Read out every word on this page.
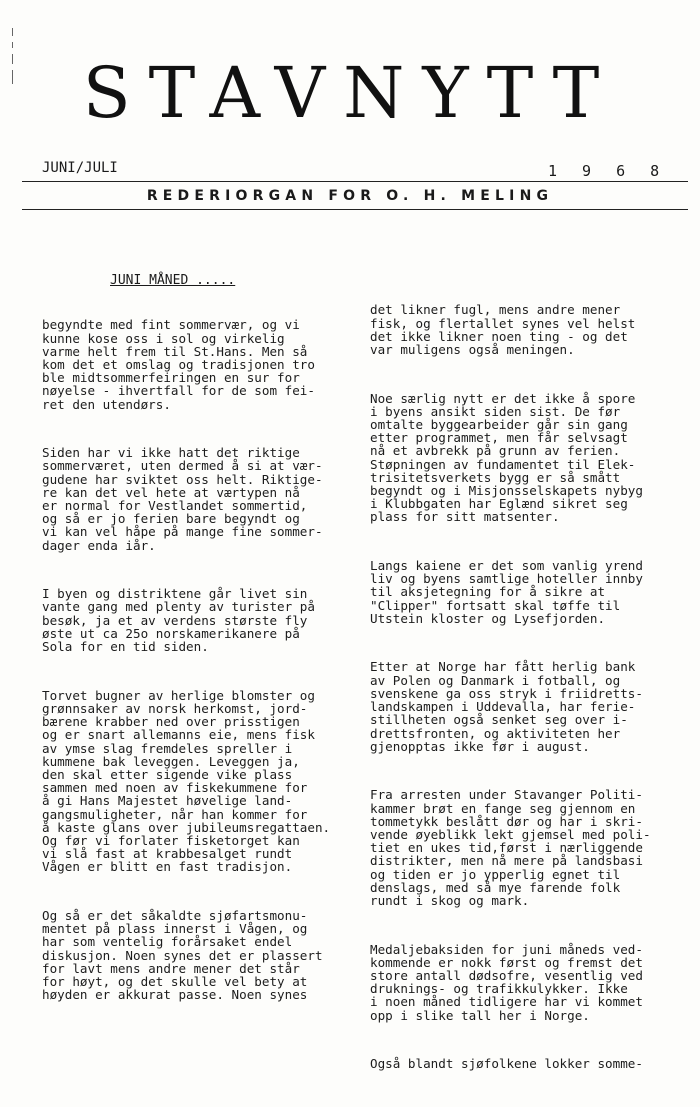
STAVNYTT
JUNI/JULI	1 9 6 8
REDERIORGAN FOR O. H. MELING
JUNI MÅNED .....

begyndte med fint sommervær, og vi
kunne kose oss i sol og virkelig
varme helt frem til St.Hans. Men så
kom det et omslag og tradisjonen tro
ble midtsommerfeiringen en sur for
nøyelse - ihvertfall for de som fei-
ret den utendørs.

Siden har vi ikke hatt det riktige
sommerværet, uten dermed å si at vær-
gudene har sviktet oss helt. Riktige-
re kan det vel hete at værtypen nå
er normal for Vestlandet sommertid,
og så er jo ferien bare begyndt og
vi kan vel håpe på mange fine sommer-
dager enda iår.

I byen og distriktene går livet sin
vante gang med plenty av turister på
besøk, ja et av verdens største fly
øste ut ca 25o norskamerikanere på
Sola for en tid siden.

Torvet bugner av herlige blomster og
grønnsaker av norsk herkomst, jord-
bærene krabber ned over prisstigen
og er snart allemanns eie, mens fisk
av ymse slag fremdeles spreller i
kummene bak leveggen. Leveggen ja,
den skal etter sigende vike plass
sammen med noen av fiskekummene for
å gi Hans Majestet høvelige land-
gangsmuligheter, når han kommer for
å kaste glans over jubileumsregattaen.
Og før vi forlater fisketorget kan
vi slå fast at krabbesalget rundt
Vågen er blitt en fast tradisjon.

Og så er det såkaldte sjøfartsmonu-
mentet på plass innerst i Vågen, og
har som ventelig forårsaket endel
diskusjon. Noen synes det er plassert
for lavt mens andre mener det står
for høyt, og det skulle vel bety at
høyden er akkurat passe. Noen synes

det likner fugl, mens andre mener
fisk, og flertallet synes vel helst
det ikke likner noen ting - og det
var muligens også meningen.

Noe særlig nytt er det ikke å spore
i byens ansikt siden sist. De før
omtalte byggearbeider går sin gang
etter programmet, men får selvsagt
nå et avbrekk på grunn av ferien.
Støpningen av fundamentet til Elek-
trisitetsverkets bygg er så smått
begyndt og i Misjonsselskapets nybyg
i Klubbgaten har Eglænd sikret seg
plass for sitt matsenter.

Langs kaiene er det som vanlig yrend
liv og byens samtlige hoteller innby
til aksjetegning for å sikre at
"Clipper" fortsatt skal tøffe til
Utstein kloster og Lysefjorden.

Etter at Norge har fått herlig bank
av Polen og Danmark i fotball, og
svenskene ga oss stryk i friidretts-
landskampen i Uddevalla, har ferie-
stillheten også senket seg over i-
drettsfronten, og aktiviteten her
gjenopptas ikke før i august.

Fra arresten under Stavanger Politi-
kammer brøt en fange seg gjennom en
tommetykk beslått dør og har i skri-
vende øyeblikk lekt gjemsel med poli-
tiet en ukes tid,først i nærliggende
distrikter, men nå mere på landsbasi
og tiden er jo ypperlig egnet til
denslags, med så mye farende folk
rundt i skog og mark.

Medaljebaksiden for juni måneds ved-
kommende er nokk først og fremst det
store antall dødsofre, vesentlig ved
druknings- og trafikkulykker. Ikke
i noen måned tidligere har vi kommet
opp i slike tall her i Norge.

Også blandt sjøfolkene lokker somme-
